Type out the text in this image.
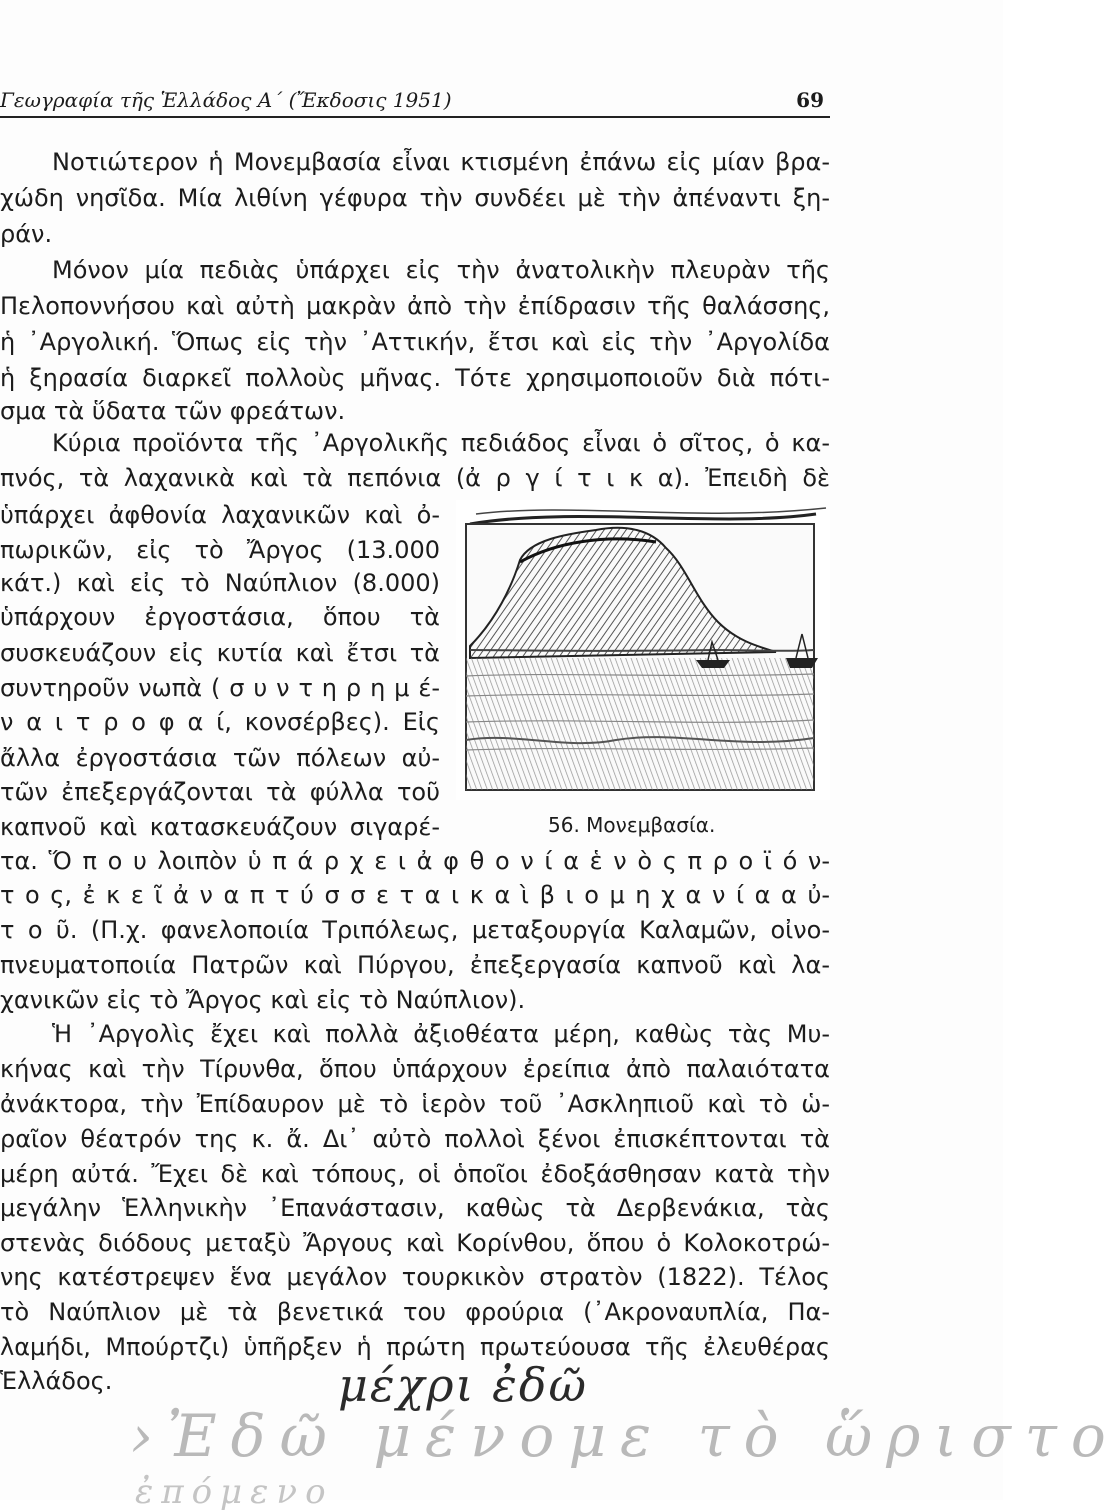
Γεωγραφία τῆς Ἑλλάδος Α΄ (Ἔκδοσις 1951)	69
Νοτιώτερον ἡ Μονεμβασία εἶναι κτισμένη ἐπάνω εἰς μίαν βρα-
χώδη νησῖδα. Μία λιθίνη γέφυρα τὴν συνδέει μὲ τὴν ἀπέναντι ξη-
ράν.
Μόνον μία πεδιὰς ὑπάρχει εἰς τὴν ἀνατολικὴν πλευρὰν τῆς
Πελοποννήσου καὶ αὐτὴ μακρὰν ἀπὸ τὴν ἐπίδρασιν τῆς θαλάσσης,
ἡ ᾿Αργολική. Ὅπως εἰς τὴν ᾿Αττικήν, ἔτσι καὶ εἰς τὴν ᾿Αργολίδα
ἡ ξηρασία διαρκεῖ πολλοὺς μῆνας. Τότε χρησιμοποιοῦν διὰ πότι-
σμα τὰ ὕδατα τῶν φρεάτων.
Κύρια προϊόντα τῆς ᾿Αργολικῆς πεδιάδος εἶναι ὁ σῖτος, ὁ κα-
πνός, τὰ λαχανικὰ καὶ τὰ πεπόνια (ἀ ρ γ ί τ ι κ α). Ἐπειδὴ δὲ
ὑπάρχει ἀφθονία λαχανικῶν καὶ ὀ-
πωρικῶν, εἰς τὸ Ἄργος (13.000
κάτ.) καὶ εἰς τὸ Ναύπλιον (8.000)
ὑπάρχουν ἐργοστάσια, ὅπου τὰ
συσκευάζουν εἰς κυτία καὶ ἔτσι τὰ
συντηροῦν νωπὰ ( σ υ ν τ η ρ η μ έ-
ν α ι τ ρ ο φ α ί, κονσέρβες). Εἰς
ἄλλα ἐργοστάσια τῶν πόλεων αὐ-
τῶν ἐπεξεργάζονται τὰ φύλλα τοῦ
καπνοῦ καὶ κατασκευάζουν σιγαρέ-
τα. Ὅ π ο υ λοιπὸν ὑ π ά ρ χ ε ι ἀ φ θ ο ν ί α ἑ ν ὸ ς π ρ ο ϊ ό ν-
τ ο ς, ἐ κ ε ῖ ἀ ν α π τ ύ σ σ ε τ α ι κ α ὶ β ι ο μ η χ α ν ί α α ὐ-
τ ο ῦ. (Π.χ. φανελοποιία Τριπόλεως, μεταξουργία Καλαμῶν, οἰνο-
πνευματοποιία Πατρῶν καὶ Πύργου, ἐπεξεργασία καπνοῦ καὶ λα-
χανικῶν εἰς τὸ Ἄργος καὶ εἰς τὸ Ναύπλιον).
Ἡ ᾿Αργολὶς ἔχει καὶ πολλὰ ἀξιοθέατα μέρη, καθὼς τὰς Μυ-
κήνας καὶ τὴν Τίρυνθα, ὅπου ὑπάρχουν ἐρείπια ἀπὸ παλαιότατα
ἀνάκτορα, τὴν Ἐπίδαυρον μὲ τὸ ἱερὸν τοῦ ᾿Ασκληπιοῦ καὶ τὸ ὡ-
ραῖον θέατρόν της κ. ἄ. Δι᾿ αὐτὸ πολλοὶ ξένοι ἐπισκέπτονται τὰ
μέρη αὐτά. Ἔχει δὲ καὶ τόπους, οἱ ὁποῖοι ἐδοξάσθησαν κατὰ τὴν
μεγάλην Ἑλληνικὴν ᾿Επανάστασιν, καθὼς τὰ Δερβενάκια, τὰς
στενὰς διόδους μεταξὺ Ἄργους καὶ Κορίνθου, ὅπου ὁ Κολοκοτρώ-
νης κατέστρεψεν ἕνα μεγάλον τουρκικὸν στρατὸν (1822). Τέλος
τὸ Ναύπλιον μὲ τὰ βενετικά του φρούρια (᾿Ακροναυπλία, Πα-
λαμήδι, Μπούρτζι) ὑπῆρξεν ἡ πρώτη πρωτεύουσα τῆς ἐλευθέρας
Ἑλλάδος.
56. Μονεμβασία.
μέχρι ἐδῶ
›Ἐδῶ μένομε τὸ ὥριστο
ἐπόμενο
